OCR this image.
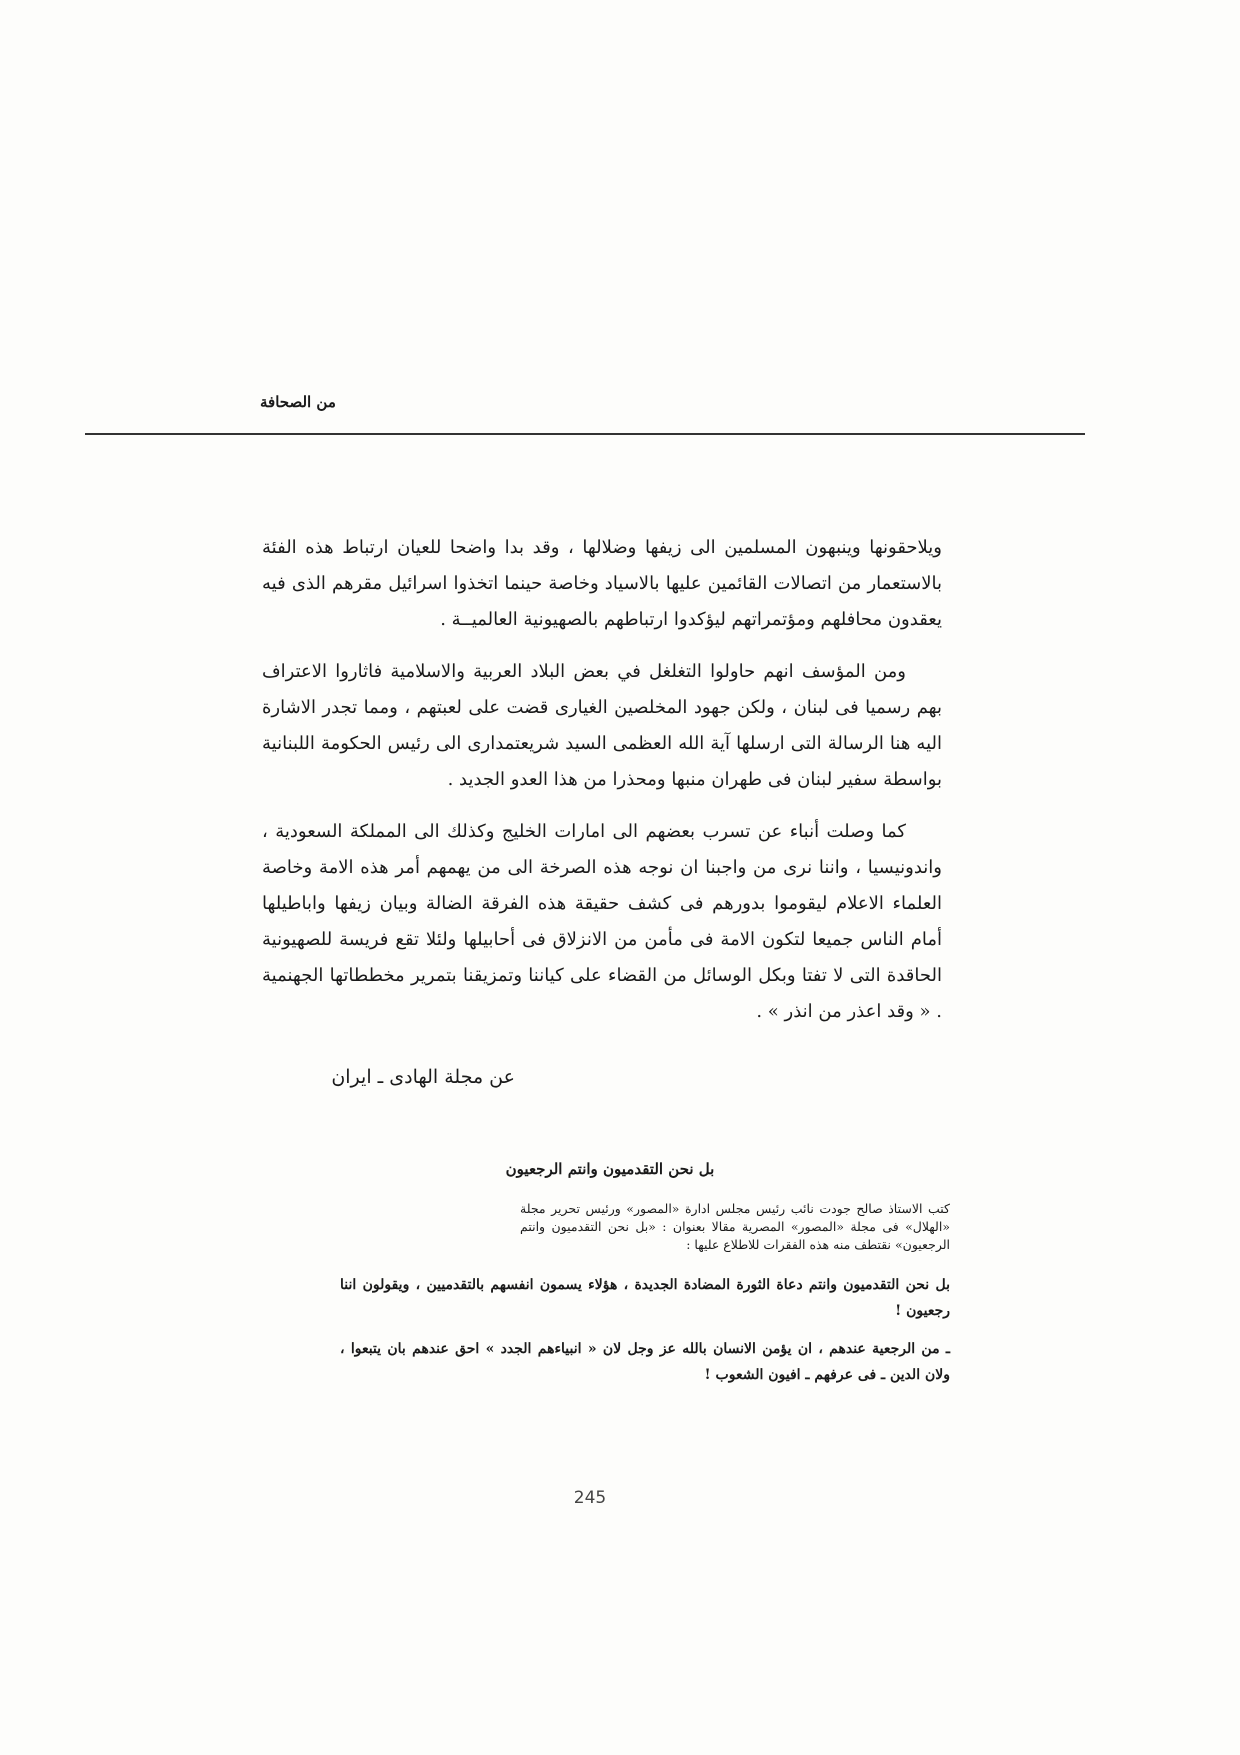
من الصحافة

ويلاحقونها وينبهون المسلمين الى زيفها وضلالها ، وقد بدا واضحا للعيان ارتباط هذه الفئة بالاستعمار من اتصالات القائمين عليها بالاسياد وخاصة حينما اتخذوا اسرائيل مقرهم الذى فيه يعقدون محافلهم ومؤتمراتهم ليؤكدوا ارتباطهم بالصهيونية العالميــة .

ومن المؤسف انهم حاولوا التغلغل في بعض البلاد العربية والاسلامية فاثاروا الاعتراف بهم رسميا فى لبنان ، ولكن جهود المخلصين الغيارى قضت على لعبتهم ، ومما تجدر الاشارة اليه هنا الرسالة التى ارسلها آية الله العظمى السيد شريعتمدارى الى رئيس الحكومة اللبنانية بواسطة سفير لبنان فى طهران منبها ومحذرا من هذا العدو الجديد .

كما وصلت أنباء عن تسرب بعضهم الى امارات الخليج وكذلك الى المملكة السعودية ، واندونيسيا ، واننا نرى من واجبنا ان نوجه هذه الصرخة الى من يهمهم أمر هذه الامة وخاصة العلماء الاعلام ليقوموا بدورهم فى كشف حقيقة هذه الفرقة الضالة وبيان زيفها واباطيلها أمام الناس جميعا لتكون الامة فى مأمن من الانزلاق فى أحابيلها ولئلا تقع فريسة للصهيونية الحاقدة التى لا تفتا وبكل الوسائل من القضاء على كياننا وتمزيقنا بتمرير مخططاتها الجهنمية . « وقد اعذر من انذر » .

عن مجلة الهادى ـ ايران
بل نحن التقدميون وانتم الرجعيون
كتب الاستاذ صالح جودت نائب رئيس مجلس ادارة «المصور» ورئيس تحرير مجلة «الهلال» فى مجلة «المصور» المصرية مقالا بعنوان : «بل نحن التقدميون وانتم الرجعيون» نقتطف منه هذه الفقرات للاطلاع عليها :
بل نحن التقدميون وانتم دعاة الثورة المضادة الجديدة ، هؤلاء يسمون انفسهم بالتقدميين ، ويقولون اننا رجعيون !
ـ من الرجعية عندهم ، ان يؤمن الانسان بالله عز وجل لان « انبياءهم الجدد » احق عندهم بان يتبعوا ، ولان الدين ـ فى عرفهم ـ افيون الشعوب !
245
